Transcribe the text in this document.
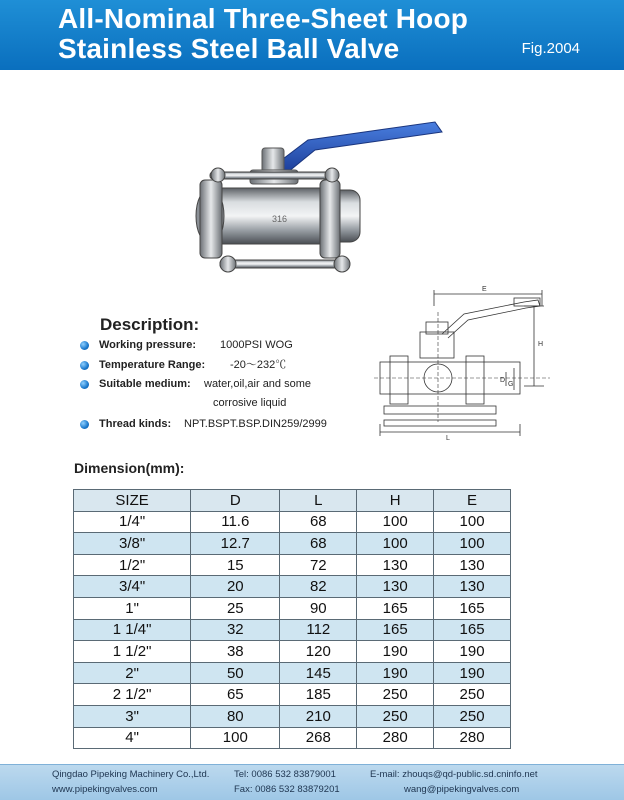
All-Nominal Three-Sheet Hoop
Stainless Steel Ball Valve	Fig.2004
316
E
H
D
G
L
Description:
Working pressure: 1000PSI WOG
Temperature Range: -20～232℃
Suitable medium: water,oil,air and some
corrosive liquid
Thread kinds: NPT.BSPT.BSP.DIN259/2999
Dimension(mm):
SIZE	D	L	H	E
1/4"	11.6	68	100	100
3/8"	12.7	68	100	100
1/2"	15	72	130	130
3/4"	20	82	130	130
1"	25	90	165	165
1 1/4"	32	112	165	165
1 1/2"	38	120	190	190
2"	50	145	190	190
2 1/2"	65	185	250	250
3"	80	210	250	250
4"	100	268	280	280
Qingdao Pipeking Machinery Co.,Ltd.	Tel: 0086 532 83879001	E-mail: zhouqs@qd-public.sd.cninfo.net
www.pipekingvalves.com	Fax: 0086 532 83879201	wang@pipekingvalves.com
